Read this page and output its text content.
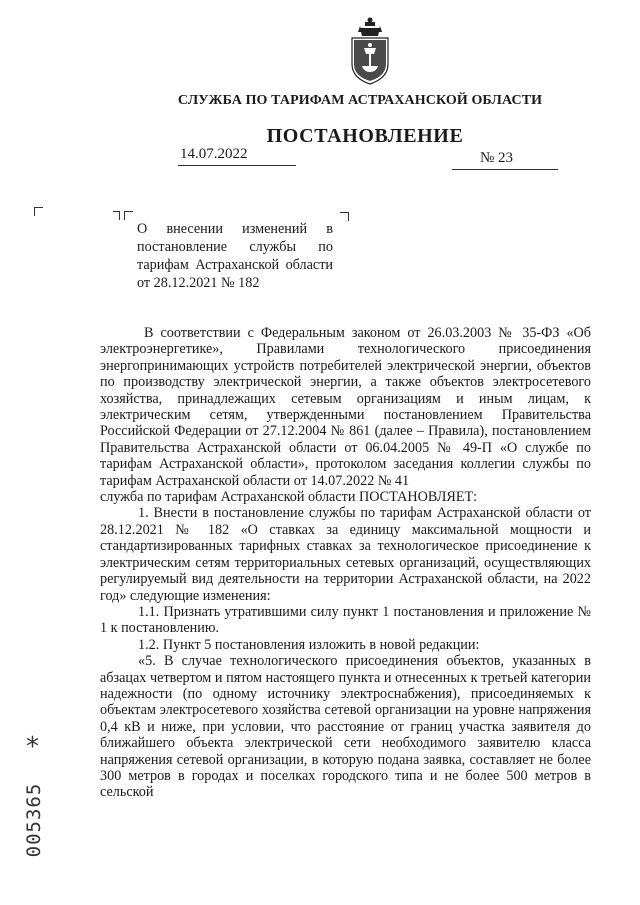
СЛУЖБА ПО ТАРИФАМ АСТРАХАНСКОЙ ОБЛАСТИ
ПОСТАНОВЛЕНИЕ
14.07.2022	№ 23
О внесении изменений в постановление службы по тарифам Астраханской области от 28.12.2021 № 182

В соответствии с Федеральным законом от 26.03.2003 № 35-ФЗ «Об электроэнергетике», Правилами технологического присоединения энергопринимающих устройств потребителей электрической энергии, объектов по производству электрической энергии, а также объектов электросетевого хозяйства, принадлежащих сетевым организациям и иным лицам, к электрическим сетям, утвержденными постановлением Правительства Российской Федерации от 27.12.2004 № 861 (далее – Правила), постановлением Правительства Астраханской области от 06.04.2005 № 49-П «О службе по тарифам Астраханской области», протоколом заседания коллегии службы по тарифам Астраханской области от 14.07.2022 № 41

служба по тарифам Астраханской области ПОСТАНОВЛЯЕТ:

1. Внести в постановление службы по тарифам Астраханской области от 28.12.2021 № 182 «О ставках за единицу максимальной мощности и стандартизированных тарифных ставках за технологическое присоединение к электрическим сетям территориальных сетевых организаций, осуществляющих регулируемый вид деятельности на территории Астраханской области, на 2022 год» следующие изменения:

1.1. Признать утратившими силу пункт 1 постановления и приложение № 1 к постановлению.

1.2. Пункт 5 постановления изложить в новой редакции:

«5. В случае технологического присоединения объектов, указанных в абзацах четвертом и пятом настоящего пункта и отнесенных к третьей категории надежности (по одному источнику электроснабжения), присоединяемых к объектам электросетевого хозяйства сетевой организации на уровне напряжения 0,4 кВ и ниже, при условии, что расстояние от границ участка заявителя до ближайшего объекта электрической сети необходимого заявителю класса напряжения сетевой организации, в которую подана заявка, составляет не более 300 метров в городах и поселках городского типа и не более 500 метров в сельской

*
005365
